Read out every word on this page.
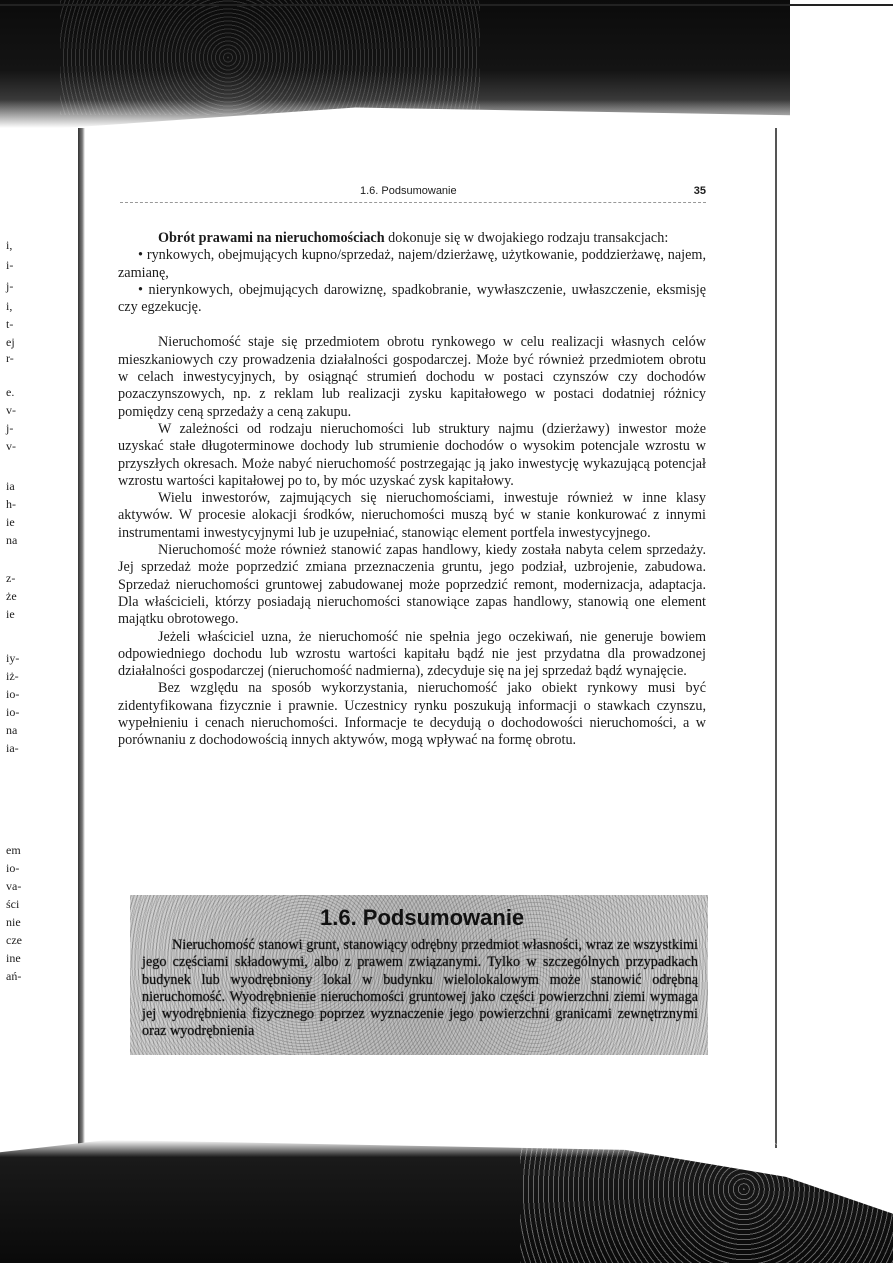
i,
i-
j-
i,
t-
ej
r-
e.
v-
j-
v-
ia
h-
ie
na
z-
że
ie
iy-
iż-
io-
io-
na
ia-
em
io-
va-
ści
nie
cze
ine
ań-
1.6. Podsumowanie	35

Obrót prawami na nieruchomościach dokonuje się w dwojakiego rodzaju transakcjach:

• rynkowych, obejmujących kupno/sprzedaż, najem/dzierżawę, użytkowanie, poddzierżawę, najem, zamianę,

• nierynkowych, obejmujących darowiznę, spadkobranie, wywłaszczenie, uwłaszczenie, eksmisję czy egzekucję.

Nieruchomość staje się przedmiotem obrotu rynkowego w celu realizacji własnych celów mieszkaniowych czy prowadzenia działalności gospodarczej. Może być również przedmiotem obrotu w celach inwestycyjnych, by osiągnąć strumień dochodu w postaci czynszów czy dochodów pozaczynszowych, np. z reklam lub realizacji zysku kapitałowego w postaci dodatniej różnicy pomiędzy ceną sprzedaży a ceną zakupu.

W zależności od rodzaju nieruchomości lub struktury najmu (dzierżawy) inwestor może uzyskać stałe długoterminowe dochody lub strumienie dochodów o wysokim potencjale wzrostu w przyszłych okresach. Może nabyć nieruchomość postrzegając ją jako inwestycję wykazującą potencjał wzrostu wartości kapitałowej po to, by móc uzyskać zysk kapitałowy.

Wielu inwestorów, zajmujących się nieruchomościami, inwestuje również w inne klasy aktywów. W procesie alokacji środków, nieruchomości muszą być w stanie konkurować z innymi instrumentami inwestycyjnymi lub je uzupełniać, stanowiąc element portfela inwestycyjnego.

Nieruchomość może również stanowić zapas handlowy, kiedy została nabyta celem sprzedaży. Jej sprzedaż może poprzedzić zmiana przeznaczenia gruntu, jego podział, uzbrojenie, zabudowa. Sprzedaż nieruchomości gruntowej zabudowanej może poprzedzić remont, modernizacja, adaptacja. Dla właścicieli, którzy posiadają nieruchomości stanowiące zapas handlowy, stanowią one element majątku obrotowego.

Jeżeli właściciel uzna, że nieruchomość nie spełnia jego oczekiwań, nie generuje bowiem odpowiedniego dochodu lub wzrostu wartości kapitału bądź nie jest przydatna dla prowadzonej działalności gospodarczej (nieruchomość nadmierna), zdecyduje się na jej sprzedaż bądź wynajęcie.

Bez względu na sposób wykorzystania, nieruchomość jako obiekt rynkowy musi być zidentyfikowana fizycznie i prawnie. Uczestnicy rynku poszukują informacji o stawkach czynszu, wypełnieniu i cenach nieruchomości. Informacje te decydują o dochodowości nieruchomości, a w porównaniu z dochodowością innych aktywów, mogą wpływać na formę obrotu.

1.6. Podsumowanie

Nieruchomość stanowi grunt, stanowiący odrębny przedmiot własności, wraz ze wszystkimi jego częściami składowymi, albo z prawem związanymi. Tylko w szczególnych przypadkach budynek lub wyodrębniony lokal w budynku wielolokalowym może stanowić odrębną nieruchomość. Wyodrębnienie nieruchomości gruntowej jako części powierzchni ziemi wymaga jej wyodrębnienia fizycznego poprzez wyznaczenie jego powierzchni granicami zewnętrznymi oraz wyodrębnienia
